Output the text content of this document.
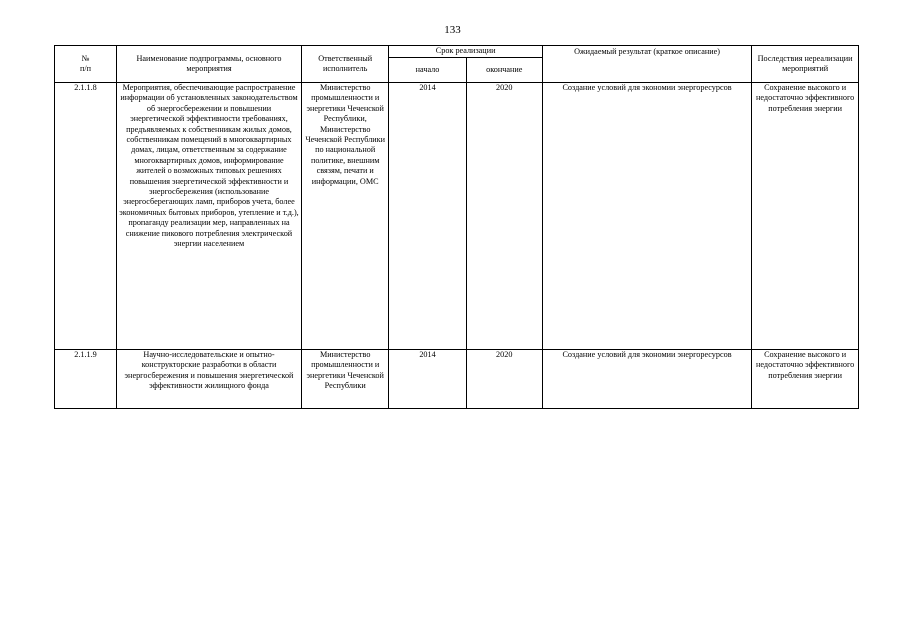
133
№
п/п	Наименование подпрограммы, основного мероприятия	Ответственный исполнитель	Срок реализации		Ожидаемый результат (краткое описание)	Последствия нереализации мероприятий
			начало	окончание		
2.1.1.8	Мероприятия, обеспечивающие распространение информации об установленных законодательством об энергосбережении и повышении энергетической эффективности требованиях, предъявляемых к собственникам жилых домов, собственникам помещений в многоквартирных домах, лицам, ответственным за содержание многоквартирных домов, информирование жителей о возможных типовых решениях повышения энергетической эффективности и энергосбережения (использование энергосберегающих ламп, приборов учета, более экономичных бытовых приборов, утепление и т.д.), пропаганду реализации мер, направленных на снижение пикового потребления электрической энергии населением	Министерство промышленности и энергетики Чеченской Республики, Министерство Чеченской Республики по национальной политике, внешним связям, печати и информации, ОМС	2014	2020	Создание условий для экономии энергоресурсов	Сохранение высокого и недостаточно эффективного потребления энергии
2.1.1.9	Научно-исследовательские и опытно-конструкторские разработки в области энергосбережения и повышения энергетической эффективности жилищного фонда	Министерство промышленности и энергетики Чеченской Республики	2014	2020	Создание условий для экономии энергоресурсов	Сохранение высокого и недостаточно эффективного потребления энергии
